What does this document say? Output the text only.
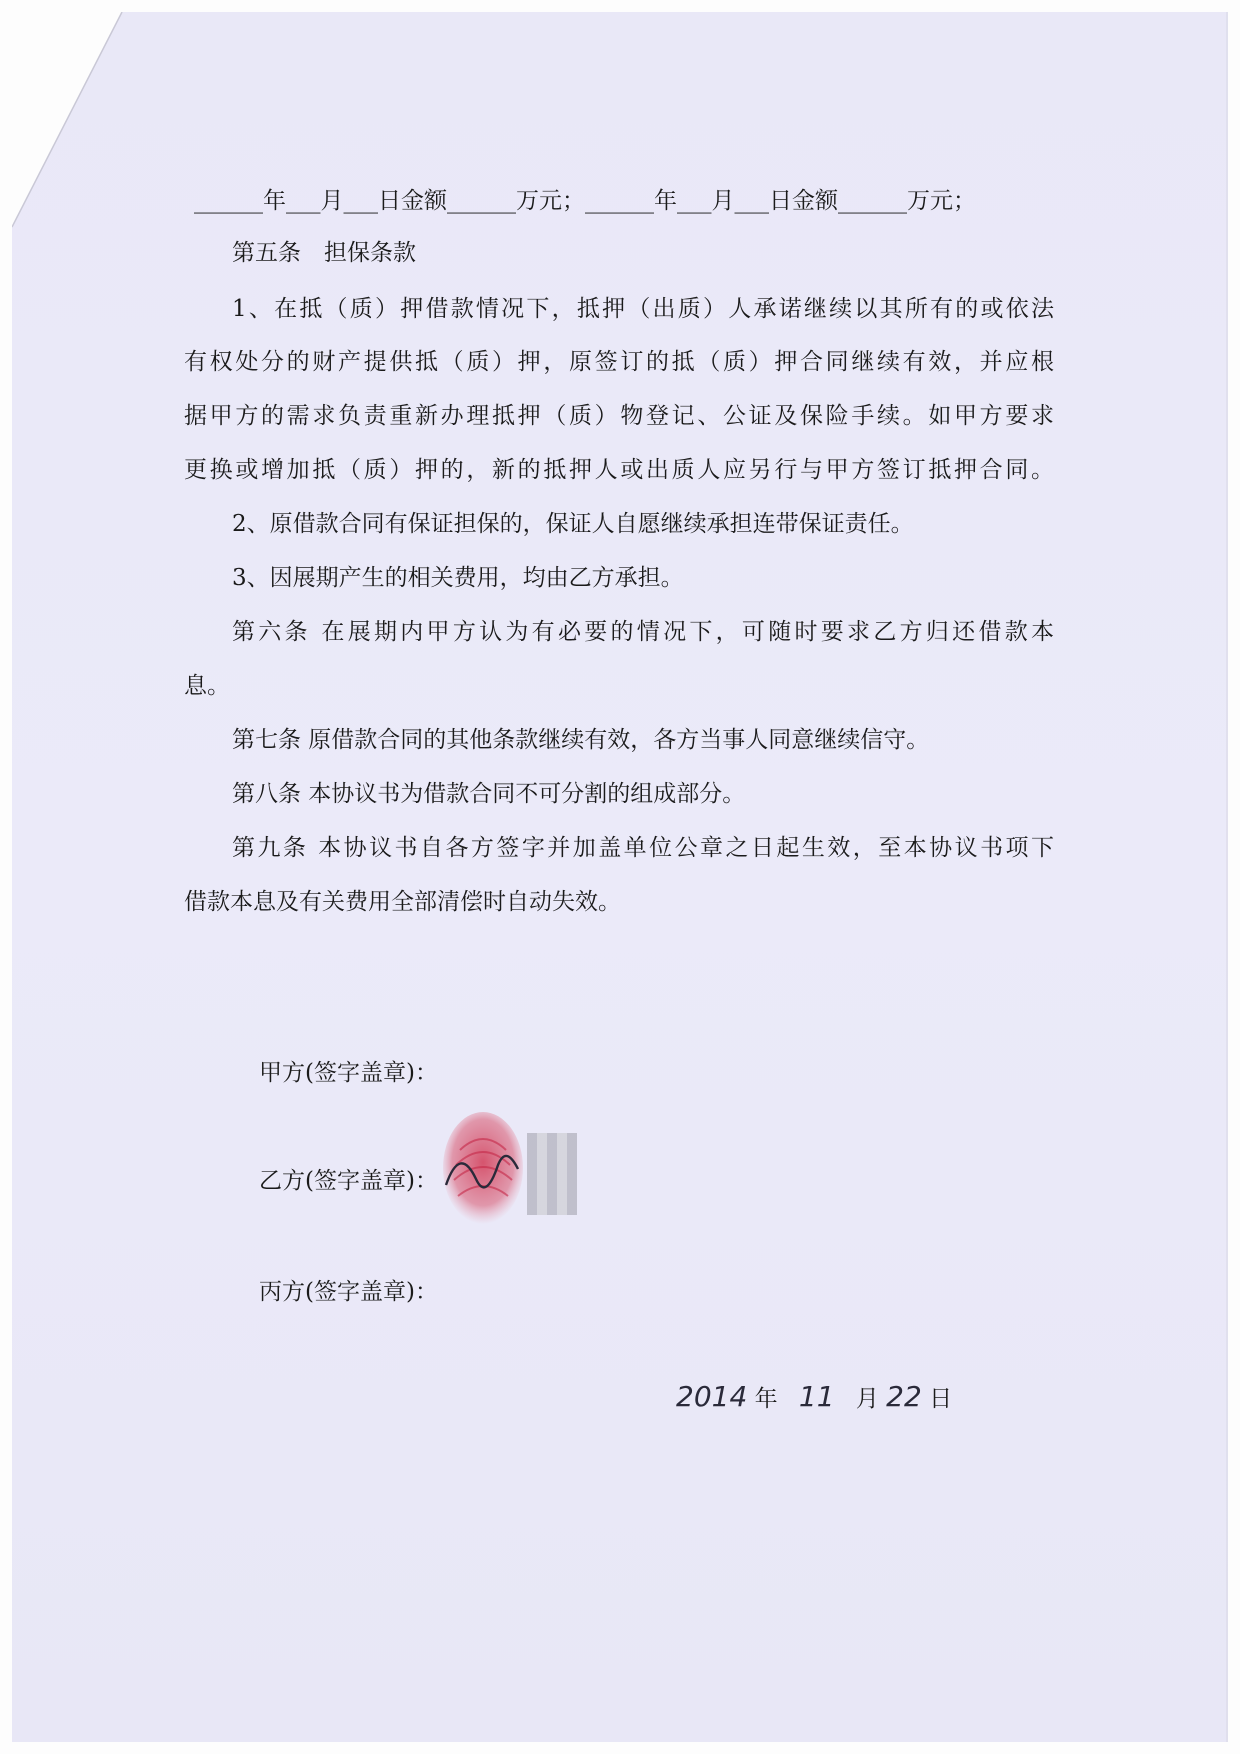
______年___月___日金额______万元；______年___月___日金额______万元；
第五条　担保条款
1、在抵（质）押借款情况下，抵押（出质）人承诺继续以其所有的或依法
有权处分的财产提供抵（质）押，原签订的抵（质）押合同继续有效，并应根
据甲方的需求负责重新办理抵押（质）物登记、公证及保险手续。如甲方要求
更换或增加抵（质）押的，新的抵押人或出质人应另行与甲方签订抵押合同。
2、原借款合同有保证担保的，保证人自愿继续承担连带保证责任。
3、因展期产生的相关费用，均由乙方承担。
第六条 在展期内甲方认为有必要的情况下，可随时要求乙方归还借款本
息。
第七条 原借款合同的其他条款继续有效，各方当事人同意继续信守。
第八条 本协议书为借款合同不可分割的组成部分。
第九条 本协议书自各方签字并加盖单位公章之日起生效，至本协议书项下
借款本息及有关费用全部清偿时自动失效。
甲方(签字盖章)：
乙方(签字盖章)：
丙方(签字盖章)：
2014 年 11 月 22 日
